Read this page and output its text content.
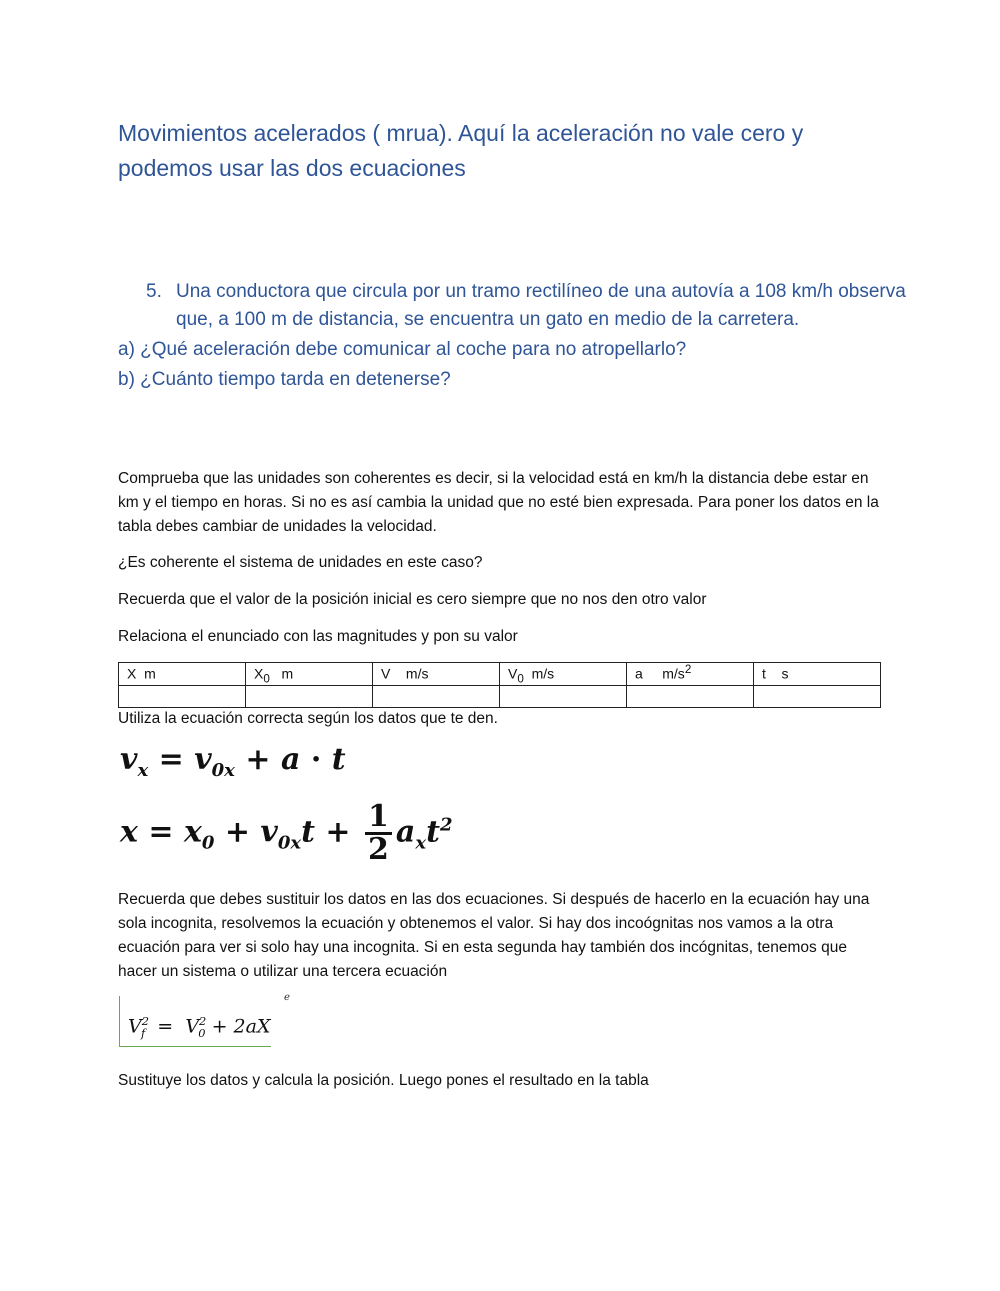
Movimientos acelerados ( mrua). Aquí la aceleración no vale cero y podemos usar las dos ecuaciones
5. Una conductora que circula por un tramo rectilíneo de una autovía a 108 km/h observa que, a 100 m de distancia, se encuentra un gato en medio de la carretera.
a) ¿Qué aceleración debe comunicar al coche para no atropellarlo?
b) ¿Cuánto tiempo tarda en detenerse?
Comprueba que las unidades son coherentes es decir, si la velocidad está en km/h la distancia debe estar en km y el tiempo en horas. Si no es así cambia la unidad que no esté bien expresada. Para poner los datos en la tabla debes cambiar de unidades la velocidad.
¿Es coherente el sistema de unidades en este caso?
Recuerda que el valor de la posición inicial es cero siempre que no nos den otro valor
Relaciona el enunciado con las magnitudes y pon su valor
X m	$X_0$ m	V m/s	$V_0$ m/s	a $m/s^2$	t s

Utiliza la ecuación correcta según los datos que te den.
$v_x = v_{0x} + a \cdot t$
$x = x_0 + v_{0x}t + \frac{1}{2} a_xt^2$
Recuerda que debes sustituir los datos en las dos ecuaciones. Si después de hacerlo en la ecuación hay una sola incognita, resolvemos la ecuación y obtenemos el valor. Si hay dos incoógnitas nos vamos a la otra ecuación para ver si solo hay una incognita. Si en esta segunda hay también dos incógnitas, tenemos que hacer un sistema o utilizar una tercera ecuación
$V^2_f = V^2_0 + 2aX$
ℯ
Sustituye los datos y calcula la posición. Luego pones el resultado en la tabla
